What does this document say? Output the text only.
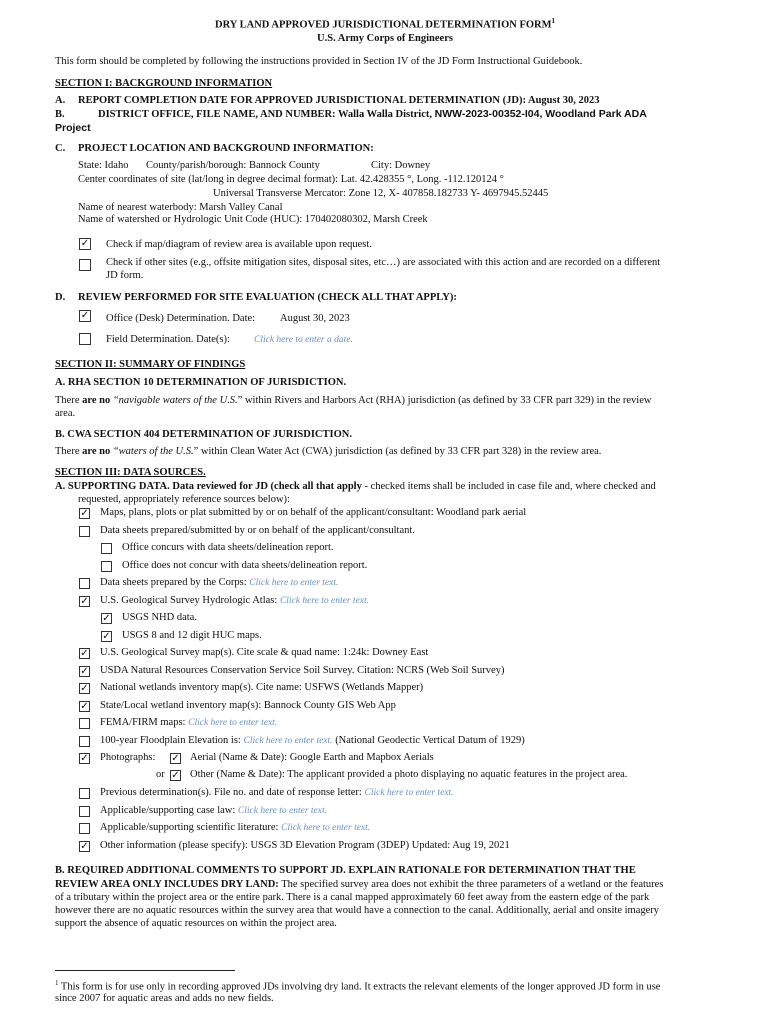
DRY LAND APPROVED JURISDICTIONAL DETERMINATION FORM$^1$
U.S. Army Corps of Engineers
This form should be completed by following the instructions provided in Section IV of the JD Form Instructional Guidebook.
SECTION I: BACKGROUND INFORMATION
A. REPORT COMPLETION DATE FOR APPROVED JURISDICTIONAL DETERMINATION (JD): August 30, 2023
B.	DISTRICT OFFICE, FILE NAME, AND NUMBER: Walla Walla District, NWW-2023-00352-I04, Woodland Park ADA
Project
C. PROJECT LOCATION AND BACKGROUND INFORMATION:
State: Idaho County/parish/borough: Bannock County	City: Downey
Center coordinates of site (lat/long in degree decimal format): Lat. 42.428355 °, Long. -112.120124 °
Universal Transverse Mercator: Zone 12, X- 407858.182733 Y- 4697945.52445
Name of nearest waterbody: Marsh Valley Canal
Name of watershed or Hydrologic Unit Code (HUC): 170402080302, Marsh Creek
✓ Check if map/diagram of review area is available upon request.
Check if other sites (e.g., offsite mitigation sites, disposal sites, etc…) are associated with this action and are recorded on a different
JD form.
D. REVIEW PERFORMED FOR SITE EVALUATION (CHECK ALL THAT APPLY):
✓ Office (Desk) Determination. Date: August 30, 2023
Field Determination. Date(s):	Click here to enter a date.
SECTION II: SUMMARY OF FINDINGS
A. RHA SECTION 10 DETERMINATION OF JURISDICTION.
There are no “navigable waters of the U.S.” within Rivers and Harbors Act (RHA) jurisdiction (as defined by 33 CFR part 329) in the review
area.
B. CWA SECTION 404 DETERMINATION OF JURISDICTION.
There are no “waters of the U.S.” within Clean Water Act (CWA) jurisdiction (as defined by 33 CFR part 328) in the review area.
SECTION III: DATA SOURCES.
A. SUPPORTING DATA. Data reviewed for JD (check all that apply - checked items shall be included in case file and, where checked and
requested, appropriately reference sources below):
✓ Maps, plans, plots or plat submitted by or on behalf of the applicant/consultant: Woodland park aerial
Data sheets prepared/submitted by or on behalf of the applicant/consultant.
Office concurs with data sheets/delineation report.
Office does not concur with data sheets/delineation report.
Data sheets prepared by the Corps: Click here to enter text.
✓ U.S. Geological Survey Hydrologic Atlas: Click here to enter text.
✓ USGS NHD data.
✓ USGS 8 and 12 digit HUC maps.
✓ U.S. Geological Survey map(s). Cite scale & quad name: 1:24k: Downey East
✓ USDA Natural Resources Conservation Service Soil Survey. Citation: NCRS (Web Soil Survey)
✓ National wetlands inventory map(s). Cite name: USFWS (Wetlands Mapper)
✓ State/Local wetland inventory map(s): Bannock County GIS Web App
FEMA/FIRM maps: Click here to enter text.
100-year Floodplain Elevation is: Click here to enter text. (National Geodectic Vertical Datum of 1929)
✓ Photographs: ✓ Aerial (Name & Date): Google Earth and Mapbox Aerials
or ✓ Other (Name & Date): The applicant provided a photo displaying no aquatic features in the project area.
Previous determination(s). File no. and date of response letter: Click here to enter text.
Applicable/supporting case law: Click here to enter text.
Applicable/supporting scientific literature: Click here to enter text.
✓ Other information (please specify): USGS 3D Elevation Program (3DEP) Updated: Aug 19, 2021
B. REQUIRED ADDITIONAL COMMENTS TO SUPPORT JD. EXPLAIN RATIONALE FOR DETERMINATION THAT THE
REVIEW AREA ONLY INCLUDES DRY LAND: The specified survey area does not exhibit the three parameters of a wetland or the features
of a tributary within the project area or the entire park. There is a canal mapped approximately 60 feet away from the eastern edge of the park
however there are no aquatic resources within the survey area that would have a connection to the canal. Additionally, aerial and onsite imagery
support the absence of aquatic resources on within the project area.
$^1$ This form is for use only in recording approved JDs involving dry land. It extracts the relevant elements of the longer approved JD form in use
since 2007 for aquatic areas and adds no new fields.
